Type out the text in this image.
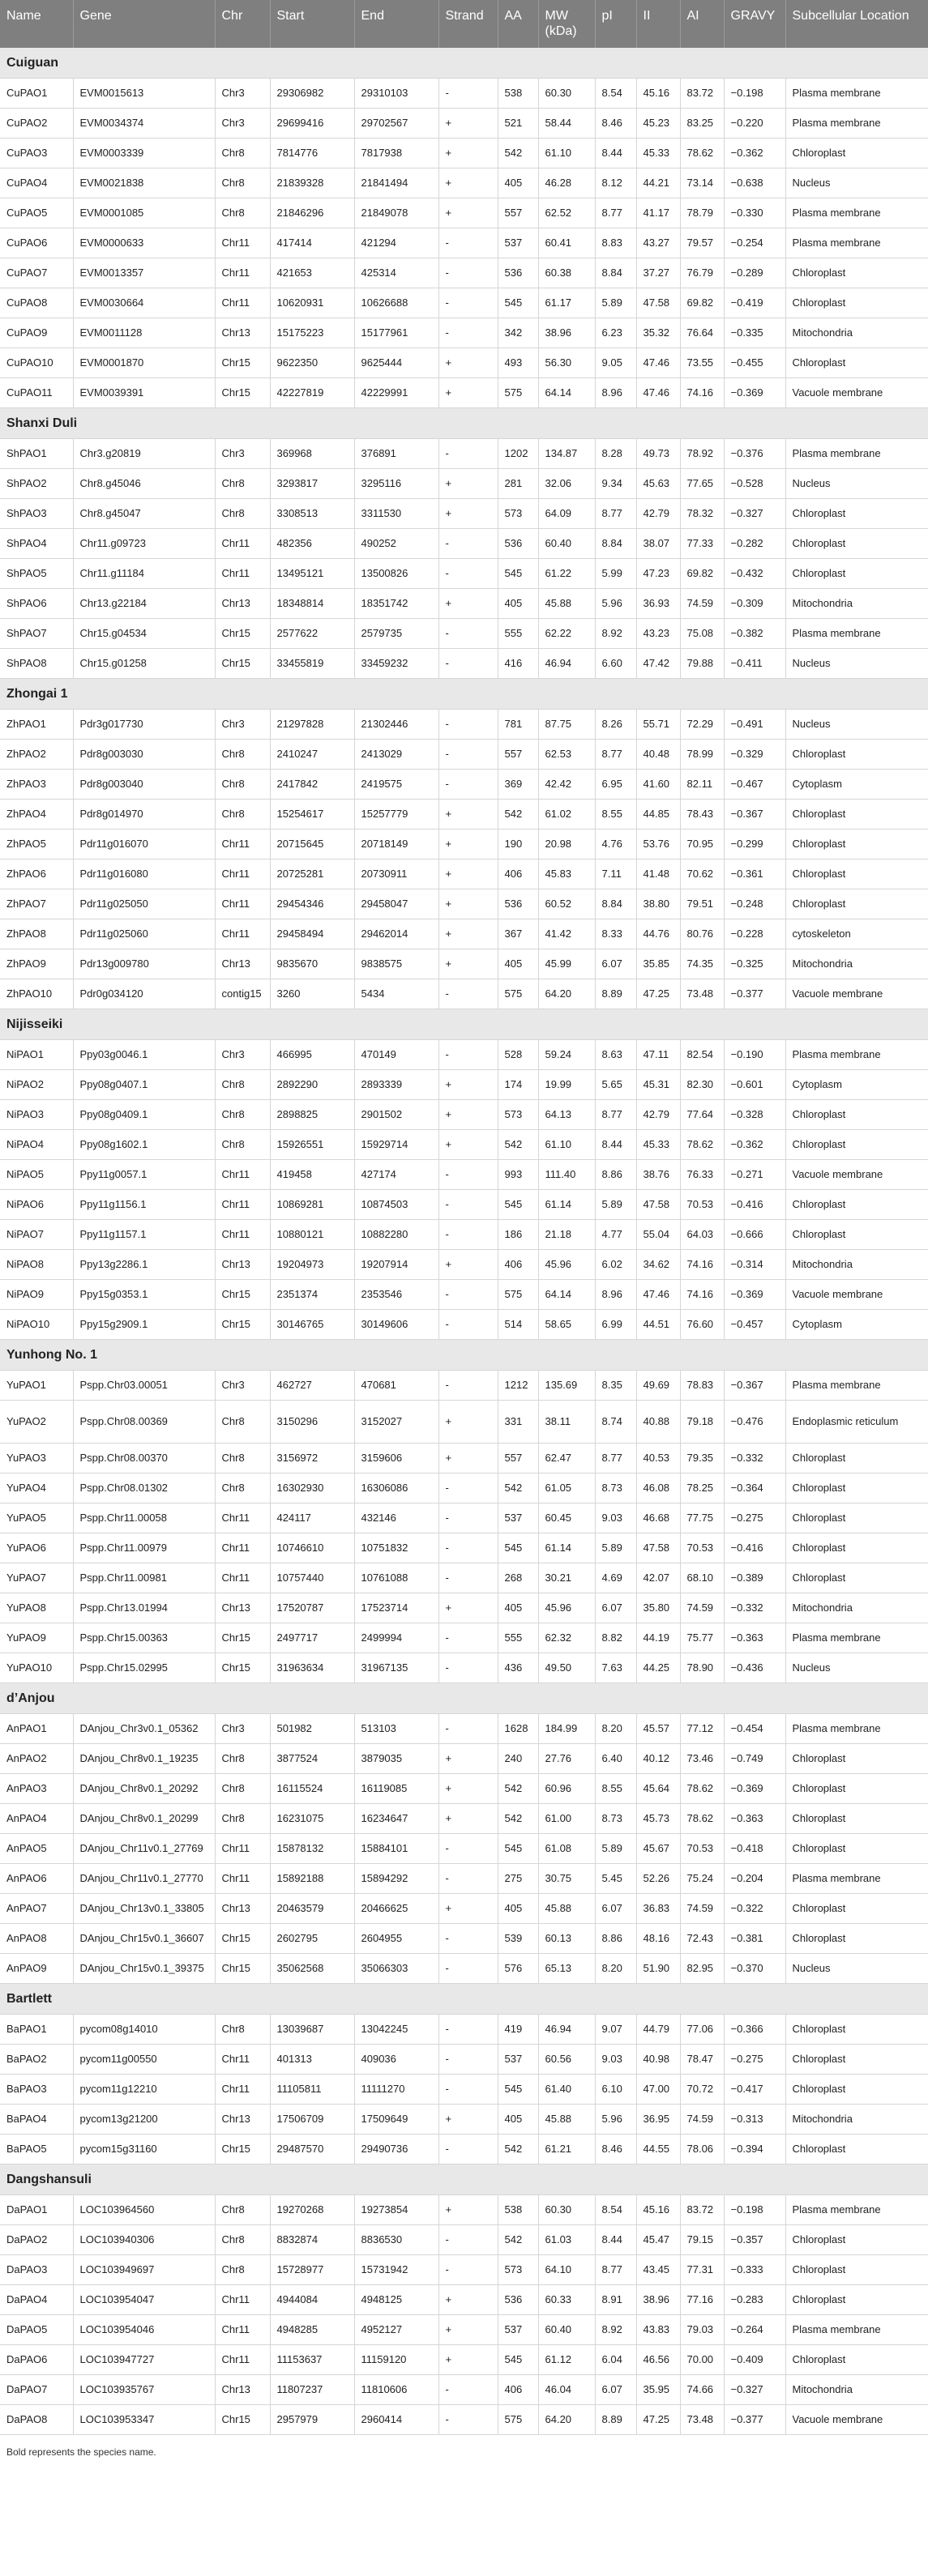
Name	Gene	Chr	Start	End	Strand	AA	MW (kDa)	pI	II	AI	GRAVY	Subcellular Location
Cuiguan												
CuPAO1	EVM0015613	Chr3	29306982	29310103	-	538	60.30	8.54	45.16	83.72	−0.198	Plasma membrane
CuPAO2	EVM0034374	Chr3	29699416	29702567	+	521	58.44	8.46	45.23	83.25	−0.220	Plasma membrane
CuPAO3	EVM0003339	Chr8	7814776	7817938	+	542	61.10	8.44	45.33	78.62	−0.362	Chloroplast
CuPAO4	EVM0021838	Chr8	21839328	21841494	+	405	46.28	8.12	44.21	73.14	−0.638	Nucleus
CuPAO5	EVM0001085	Chr8	21846296	21849078	+	557	62.52	8.77	41.17	78.79	−0.330	Plasma membrane
CuPAO6	EVM0000633	Chr11	417414	421294	-	537	60.41	8.83	43.27	79.57	−0.254	Plasma membrane
CuPAO7	EVM0013357	Chr11	421653	425314	-	536	60.38	8.84	37.27	76.79	−0.289	Chloroplast
CuPAO8	EVM0030664	Chr11	10620931	10626688	-	545	61.17	5.89	47.58	69.82	−0.419	Chloroplast
CuPAO9	EVM0011128	Chr13	15175223	15177961	-	342	38.96	6.23	35.32	76.64	−0.335	Mitochondria
CuPAO10	EVM0001870	Chr15	9622350	9625444	+	493	56.30	9.05	47.46	73.55	−0.455	Chloroplast
CuPAO11	EVM0039391	Chr15	42227819	42229991	+	575	64.14	8.96	47.46	74.16	−0.369	Vacuole membrane
Shanxi Duli												
ShPAO1	Chr3.g20819	Chr3	369968	376891	-	1202	134.87	8.28	49.73	78.92	−0.376	Plasma membrane
ShPAO2	Chr8.g45046	Chr8	3293817	3295116	+	281	32.06	9.34	45.63	77.65	−0.528	Nucleus
ShPAO3	Chr8.g45047	Chr8	3308513	3311530	+	573	64.09	8.77	42.79	78.32	−0.327	Chloroplast
ShPAO4	Chr11.g09723	Chr11	482356	490252	-	536	60.40	8.84	38.07	77.33	−0.282	Chloroplast
ShPAO5	Chr11.g11184	Chr11	13495121	13500826	-	545	61.22	5.99	47.23	69.82	−0.432	Chloroplast
ShPAO6	Chr13.g22184	Chr13	18348814	18351742	+	405	45.88	5.96	36.93	74.59	−0.309	Mitochondria
ShPAO7	Chr15.g04534	Chr15	2577622	2579735	-	555	62.22	8.92	43.23	75.08	−0.382	Plasma membrane
ShPAO8	Chr15.g01258	Chr15	33455819	33459232	-	416	46.94	6.60	47.42	79.88	−0.411	Nucleus
Zhongai 1												
ZhPAO1	Pdr3g017730	Chr3	21297828	21302446	-	781	87.75	8.26	55.71	72.29	−0.491	Nucleus
ZhPAO2	Pdr8g003030	Chr8	2410247	2413029	-	557	62.53	8.77	40.48	78.99	−0.329	Chloroplast
ZhPAO3	Pdr8g003040	Chr8	2417842	2419575	-	369	42.42	6.95	41.60	82.11	−0.467	Cytoplasm
ZhPAO4	Pdr8g014970	Chr8	15254617	15257779	+	542	61.02	8.55	44.85	78.43	−0.367	Chloroplast
ZhPAO5	Pdr11g016070	Chr11	20715645	20718149	+	190	20.98	4.76	53.76	70.95	−0.299	Chloroplast
ZhPAO6	Pdr11g016080	Chr11	20725281	20730911	+	406	45.83	7.11	41.48	70.62	−0.361	Chloroplast
ZhPAO7	Pdr11g025050	Chr11	29454346	29458047	+	536	60.52	8.84	38.80	79.51	−0.248	Chloroplast
ZhPAO8	Pdr11g025060	Chr11	29458494	29462014	+	367	41.42	8.33	44.76	80.76	−0.228	cytoskeleton
ZhPAO9	Pdr13g009780	Chr13	9835670	9838575	+	405	45.99	6.07	35.85	74.35	−0.325	Mitochondria
ZhPAO10	Pdr0g034120	contig15	3260	5434	-	575	64.20	8.89	47.25	73.48	−0.377	Vacuole membrane
Nijisseiki												
NiPAO1	Ppy03g0046.1	Chr3	466995	470149	-	528	59.24	8.63	47.11	82.54	−0.190	Plasma membrane
NiPAO2	Ppy08g0407.1	Chr8	2892290	2893339	+	174	19.99	5.65	45.31	82.30	−0.601	Cytoplasm
NiPAO3	Ppy08g0409.1	Chr8	2898825	2901502	+	573	64.13	8.77	42.79	77.64	−0.328	Chloroplast
NiPAO4	Ppy08g1602.1	Chr8	15926551	15929714	+	542	61.10	8.44	45.33	78.62	−0.362	Chloroplast
NiPAO5	Ppy11g0057.1	Chr11	419458	427174	-	993	111.40	8.86	38.76	76.33	−0.271	Vacuole membrane
NiPAO6	Ppy11g1156.1	Chr11	10869281	10874503	-	545	61.14	5.89	47.58	70.53	−0.416	Chloroplast
NiPAO7	Ppy11g1157.1	Chr11	10880121	10882280	-	186	21.18	4.77	55.04	64.03	−0.666	Chloroplast
NiPAO8	Ppy13g2286.1	Chr13	19204973	19207914	+	406	45.96	6.02	34.62	74.16	−0.314	Mitochondria
NiPAO9	Ppy15g0353.1	Chr15	2351374	2353546	-	575	64.14	8.96	47.46	74.16	−0.369	Vacuole membrane
NiPAO10	Ppy15g2909.1	Chr15	30146765	30149606	-	514	58.65	6.99	44.51	76.60	−0.457	Cytoplasm
Yunhong No. 1												
YuPAO1	Pspp.Chr03.00051	Chr3	462727	470681	-	1212	135.69	8.35	49.69	78.83	−0.367	Plasma membrane
YuPAO2	Pspp.Chr08.00369	Chr8	3150296	3152027	+	331	38.11	8.74	40.88	79.18	−0.476	Endoplasmic reticulum
YuPAO3	Pspp.Chr08.00370	Chr8	3156972	3159606	+	557	62.47	8.77	40.53	79.35	−0.332	Chloroplast
YuPAO4	Pspp.Chr08.01302	Chr8	16302930	16306086	-	542	61.05	8.73	46.08	78.25	−0.364	Chloroplast
YuPAO5	Pspp.Chr11.00058	Chr11	424117	432146	-	537	60.45	9.03	46.68	77.75	−0.275	Chloroplast
YuPAO6	Pspp.Chr11.00979	Chr11	10746610	10751832	-	545	61.14	5.89	47.58	70.53	−0.416	Chloroplast
YuPAO7	Pspp.Chr11.00981	Chr11	10757440	10761088	-	268	30.21	4.69	42.07	68.10	−0.389	Chloroplast
YuPAO8	Pspp.Chr13.01994	Chr13	17520787	17523714	+	405	45.96	6.07	35.80	74.59	−0.332	Mitochondria
YuPAO9	Pspp.Chr15.00363	Chr15	2497717	2499994	-	555	62.32	8.82	44.19	75.77	−0.363	Plasma membrane
YuPAO10	Pspp.Chr15.02995	Chr15	31963634	31967135	-	436	49.50	7.63	44.25	78.90	−0.436	Nucleus
d’Anjou												
AnPAO1	DAnjou_Chr3v0.1_05362	Chr3	501982	513103	-	1628	184.99	8.20	45.57	77.12	−0.454	Plasma membrane
AnPAO2	DAnjou_Chr8v0.1_19235	Chr8	3877524	3879035	+	240	27.76	6.40	40.12	73.46	−0.749	Chloroplast
AnPAO3	DAnjou_Chr8v0.1_20292	Chr8	16115524	16119085	+	542	60.96	8.55	45.64	78.62	−0.369	Chloroplast
AnPAO4	DAnjou_Chr8v0.1_20299	Chr8	16231075	16234647	+	542	61.00	8.73	45.73	78.62	−0.363	Chloroplast
AnPAO5	DAnjou_Chr11v0.1_27769	Chr11	15878132	15884101	-	545	61.08	5.89	45.67	70.53	−0.418	Chloroplast
AnPAO6	DAnjou_Chr11v0.1_27770	Chr11	15892188	15894292	-	275	30.75	5.45	52.26	75.24	−0.204	Plasma membrane
AnPAO7	DAnjou_Chr13v0.1_33805	Chr13	20463579	20466625	+	405	45.88	6.07	36.83	74.59	−0.322	Chloroplast
AnPAO8	DAnjou_Chr15v0.1_36607	Chr15	2602795	2604955	-	539	60.13	8.86	48.16	72.43	−0.381	Chloroplast
AnPAO9	DAnjou_Chr15v0.1_39375	Chr15	35062568	35066303	-	576	65.13	8.20	51.90	82.95	−0.370	Nucleus
Bartlett												
BaPAO1	pycom08g14010	Chr8	13039687	13042245	-	419	46.94	9.07	44.79	77.06	−0.366	Chloroplast
BaPAO2	pycom11g00550	Chr11	401313	409036	-	537	60.56	9.03	40.98	78.47	−0.275	Chloroplast
BaPAO3	pycom11g12210	Chr11	11105811	11111270	-	545	61.40	6.10	47.00	70.72	−0.417	Chloroplast
BaPAO4	pycom13g21200	Chr13	17506709	17509649	+	405	45.88	5.96	36.95	74.59	−0.313	Mitochondria
BaPAO5	pycom15g31160	Chr15	29487570	29490736	-	542	61.21	8.46	44.55	78.06	−0.394	Chloroplast
Dangshansuli												
DaPAO1	LOC103964560	Chr8	19270268	19273854	+	538	60.30	8.54	45.16	83.72	−0.198	Plasma membrane
DaPAO2	LOC103940306	Chr8	8832874	8836530	-	542	61.03	8.44	45.47	79.15	−0.357	Chloroplast
DaPAO3	LOC103949697	Chr8	15728977	15731942	-	573	64.10	8.77	43.45	77.31	−0.333	Chloroplast
DaPAO4	LOC103954047	Chr11	4944084	4948125	+	536	60.33	8.91	38.96	77.16	−0.283	Chloroplast
DaPAO5	LOC103954046	Chr11	4948285	4952127	+	537	60.40	8.92	43.83	79.03	−0.264	Plasma membrane
DaPAO6	LOC103947727	Chr11	11153637	11159120	+	545	61.12	6.04	46.56	70.00	−0.409	Chloroplast
DaPAO7	LOC103935767	Chr13	11807237	11810606	-	406	46.04	6.07	35.95	74.66	−0.327	Mitochondria
DaPAO8	LOC103953347	Chr15	2957979	2960414	-	575	64.20	8.89	47.25	73.48	−0.377	Vacuole membrane
Bold represents the species name.
